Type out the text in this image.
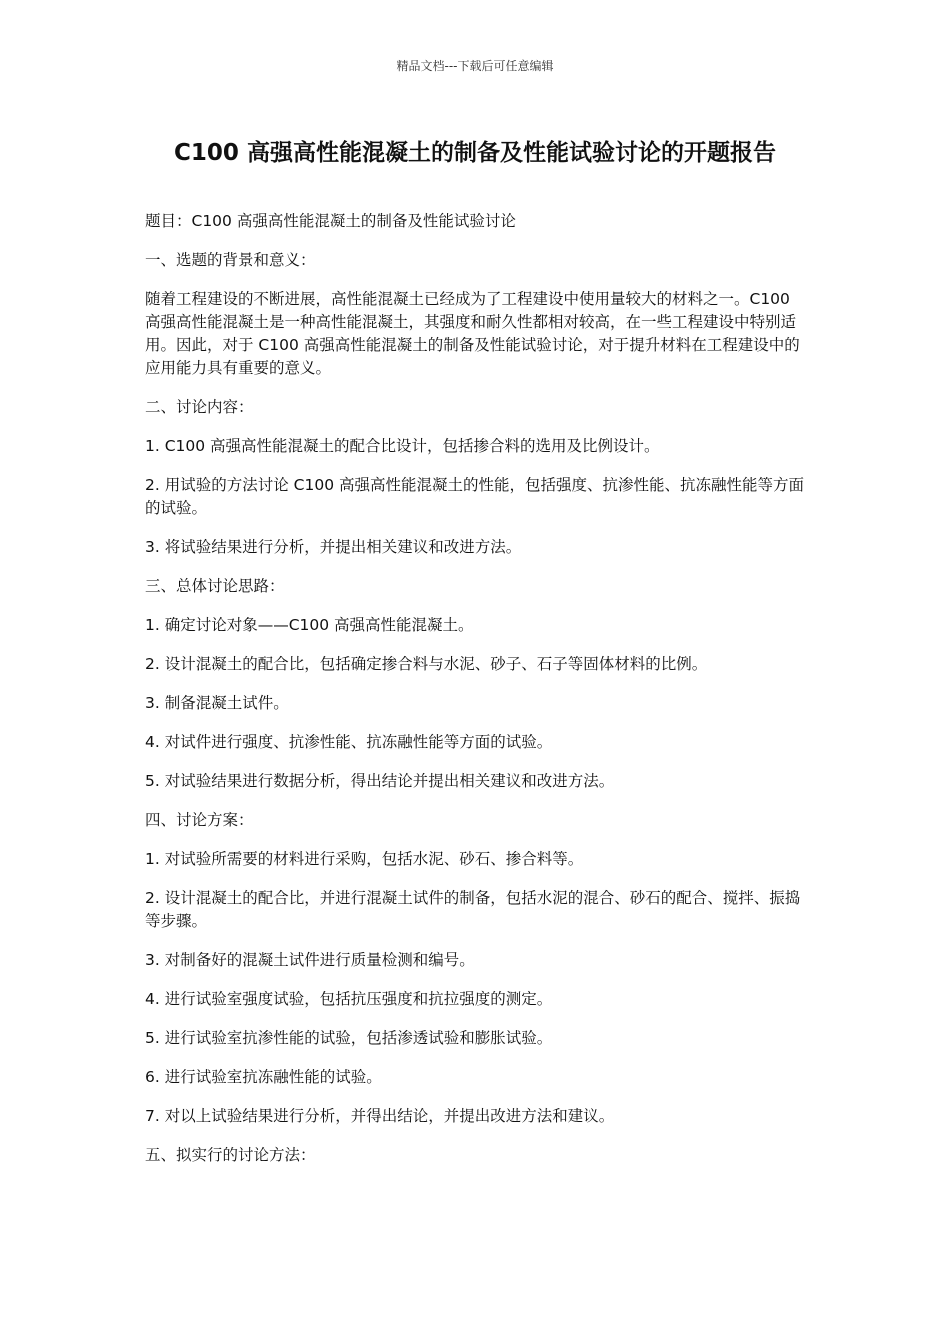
精品文档---下载后可任意编辑
C100 高强高性能混凝土的制备及性能试验讨论的开题报告

题目：C100 高强高性能混凝土的制备及性能试验讨论

一、选题的背景和意义：

随着工程建设的不断进展，高性能混凝土已经成为了工程建设中使用量较大的材料之一。C100 高强高性能混凝土是一种高性能混凝土，其强度和耐久性都相对较高，在一些工程建设中特别适用。因此，对于 C100 高强高性能混凝土的制备及性能试验讨论，对于提升材料在工程建设中的应用能力具有重要的意义。

二、讨论内容：

1. C100 高强高性能混凝土的配合比设计，包括掺合料的选用及比例设计。

2. 用试验的方法讨论 C100 高强高性能混凝土的性能，包括强度、抗渗性能、抗冻融性能等方面的试验。

3. 将试验结果进行分析，并提出相关建议和改进方法。

三、总体讨论思路：

1. 确定讨论对象——C100 高强高性能混凝土。

2. 设计混凝土的配合比，包括确定掺合料与水泥、砂子、石子等固体材料的比例。

3. 制备混凝土试件。

4. 对试件进行强度、抗渗性能、抗冻融性能等方面的试验。

5. 对试验结果进行数据分析，得出结论并提出相关建议和改进方法。

四、讨论方案：

1. 对试验所需要的材料进行采购，包括水泥、砂石、掺合料等。

2. 设计混凝土的配合比，并进行混凝土试件的制备，包括水泥的混合、砂石的配合、搅拌、振捣等步骤。

3. 对制备好的混凝土试件进行质量检测和编号。

4. 进行试验室强度试验，包括抗压强度和抗拉强度的测定。

5. 进行试验室抗渗性能的试验，包括渗透试验和膨胀试验。

6. 进行试验室抗冻融性能的试验。

7. 对以上试验结果进行分析，并得出结论，并提出改进方法和建议。

五、拟实行的讨论方法：
